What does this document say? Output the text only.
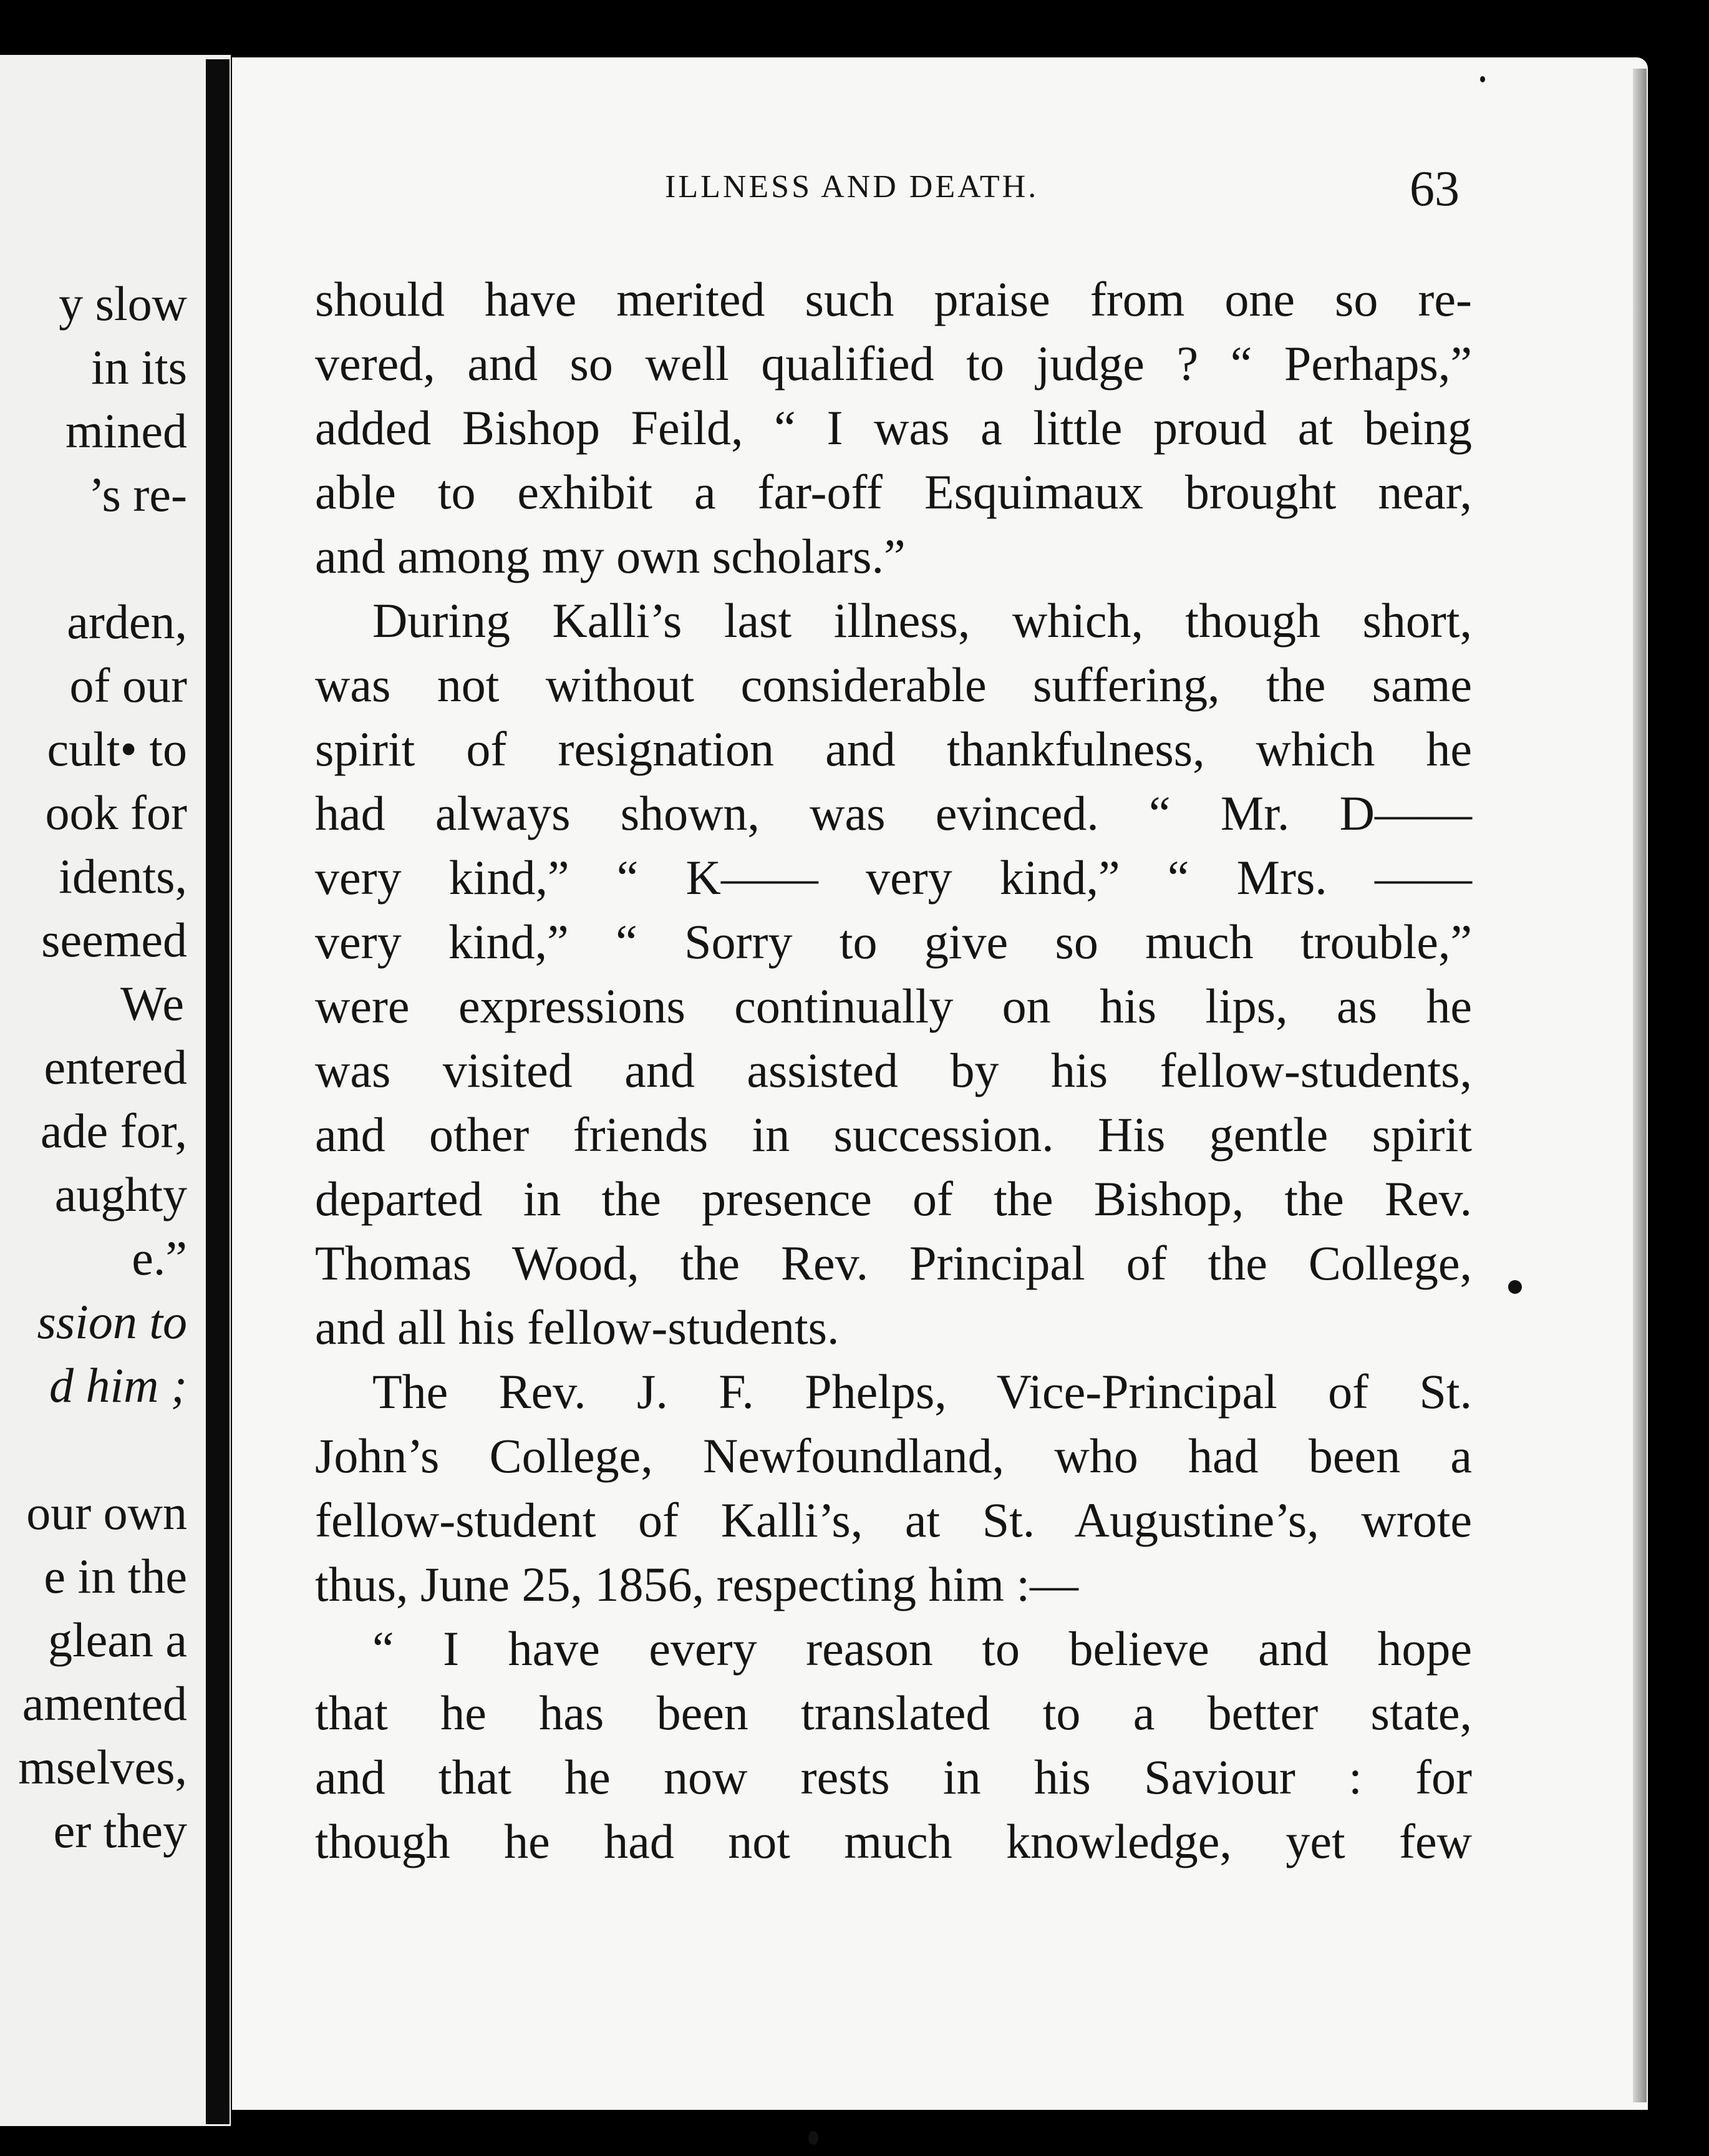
y slow
in its
mined
’s re-
arden,
of our
cult• to
ook for
idents,
seemed
We
entered
ade for,
aughty
e.”
ssion to
d him ;
our own
e in the
glean a
amented
mselves,
er they
ILLNESS AND DEATH.	63
should have merited such praise from one so re-
vered, and so well qualified to judge ? “ Perhaps,”
added Bishop Feild, “ I was a little proud at being
able to exhibit a far-off Esquimaux brought near,
and among my own scholars.”
During Kalli’s last illness, which, though short,
was not without considerable suffering, the same
spirit of resignation and thankfulness, which he
had always shown, was evinced. “ Mr. D——
very kind,” “ K—— very kind,” “ Mrs. ——
very kind,” “ Sorry to give so much trouble,”
were expressions continually on his lips, as he
was visited and assisted by his fellow-students,
and other friends in succession. His gentle spirit
departed in the presence of the Bishop, the Rev.
Thomas Wood, the Rev. Principal of the College,
and all his fellow-students.
The Rev. J. F. Phelps, Vice-Principal of St.
John’s College, Newfoundland, who had been a
fellow-student of Kalli’s, at St. Augustine’s, wrote
thus, June 25, 1856, respecting him :—
“ I have every reason to believe and hope
that he has been translated to a better state,
and that he now rests in his Saviour : for
though he had not much knowledge, yet few
